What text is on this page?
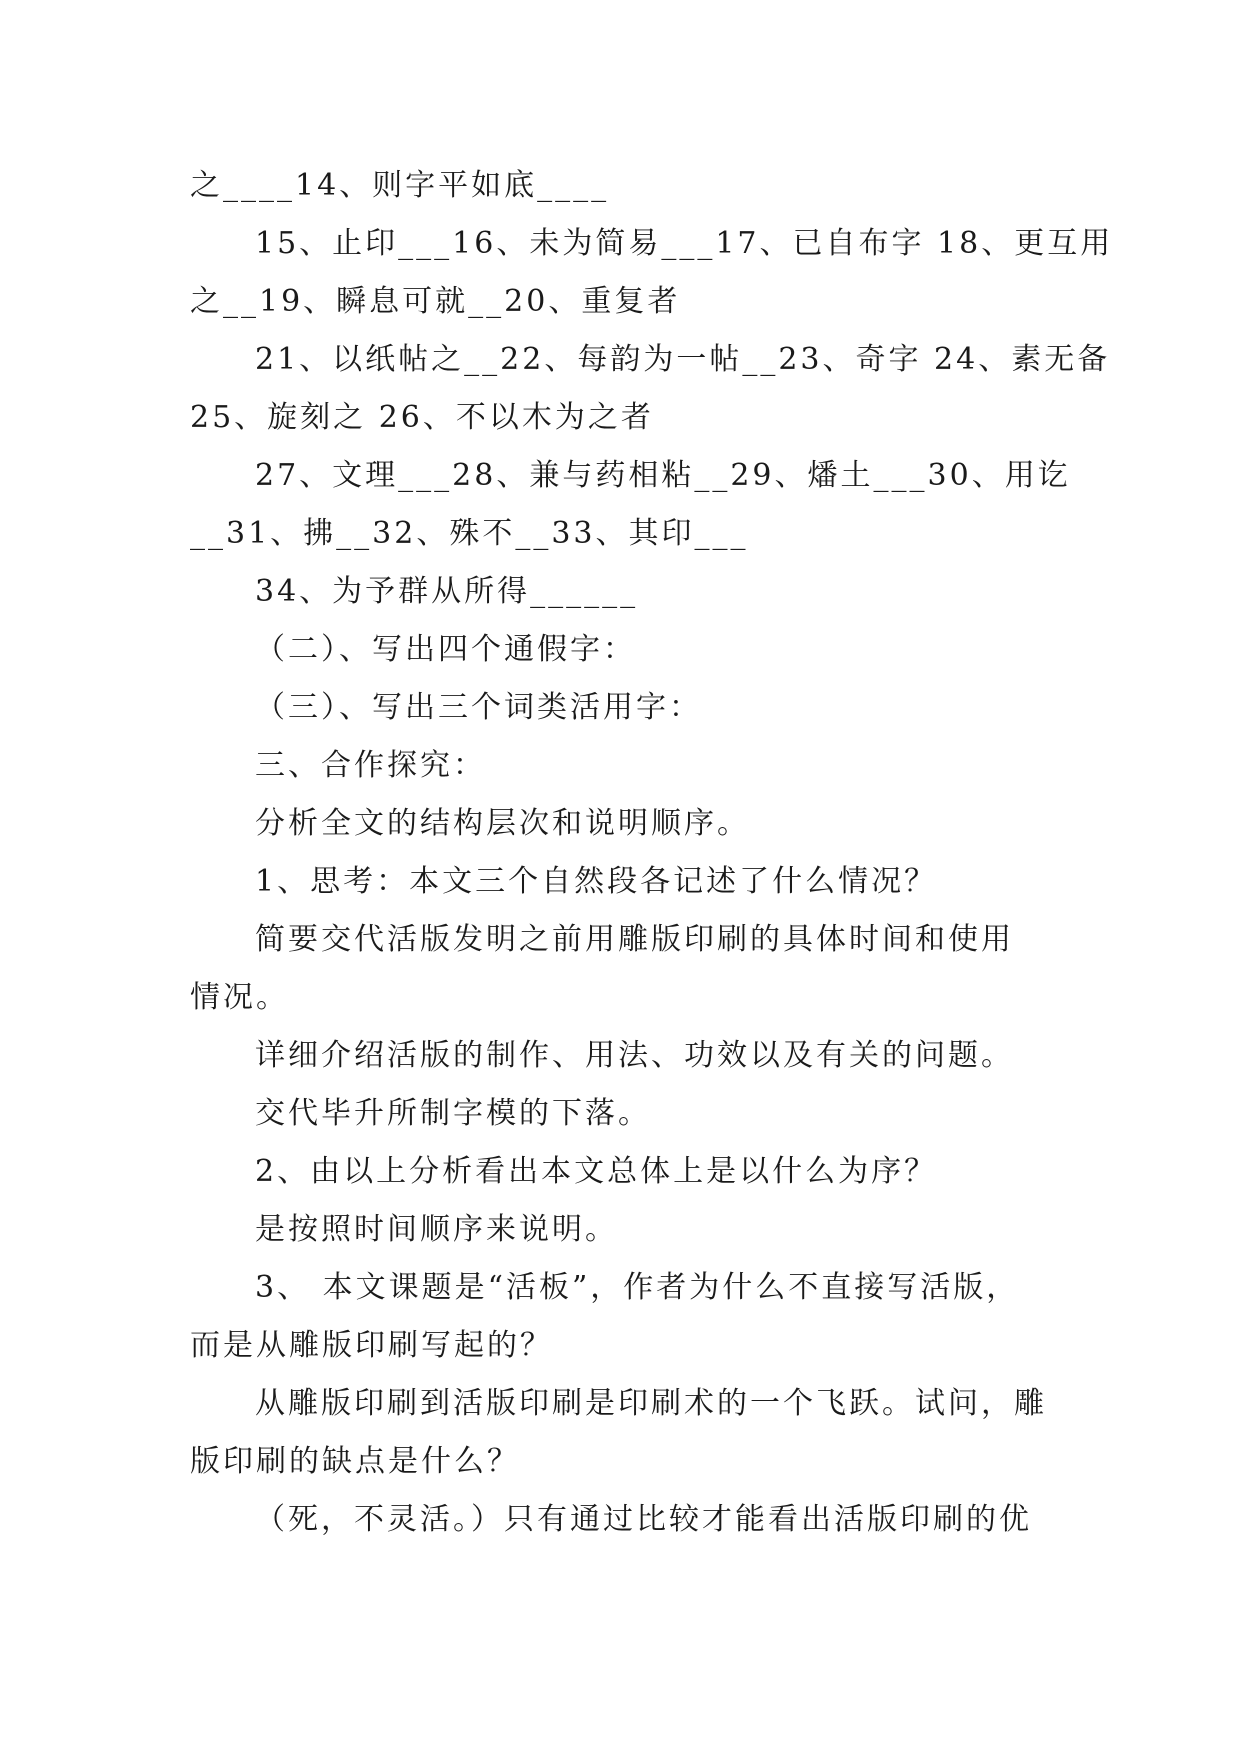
之____14、则字平如底____

15、止印___16、未为简易___17、已自布字 18、更互用

之__19、瞬息可就__20、重复者

21、以纸帖之__22、每韵为一帖__23、奇字 24、素无备

25、旋刻之 26、不以木为之者

27、文理___28、兼与药相粘__29、燔土___30、用讫

__31、拂__32、殊不__33、其印___

34、为予群从所得______

（二）、写出四个通假字：

（三）、写出三个词类活用字：

三、合作探究：

分析全文的结构层次和说明顺序。

1、思考：本文三个自然段各记述了什么情况？

简要交代活版发明之前用雕版印刷的具体时间和使用

情况。

详细介绍活版的制作、用法、功效以及有关的问题。

交代毕升所制字模的下落。

2、由以上分析看出本文总体上是以什么为序？

是按照时间顺序来说明。

3、 本文课题是“活板”，作者为什么不直接写活版，

而是从雕版印刷写起的？

从雕版印刷到活版印刷是印刷术的一个飞跃。试问，雕

版印刷的缺点是什么？

（死，不灵活。）只有通过比较才能看出活版印刷的优
